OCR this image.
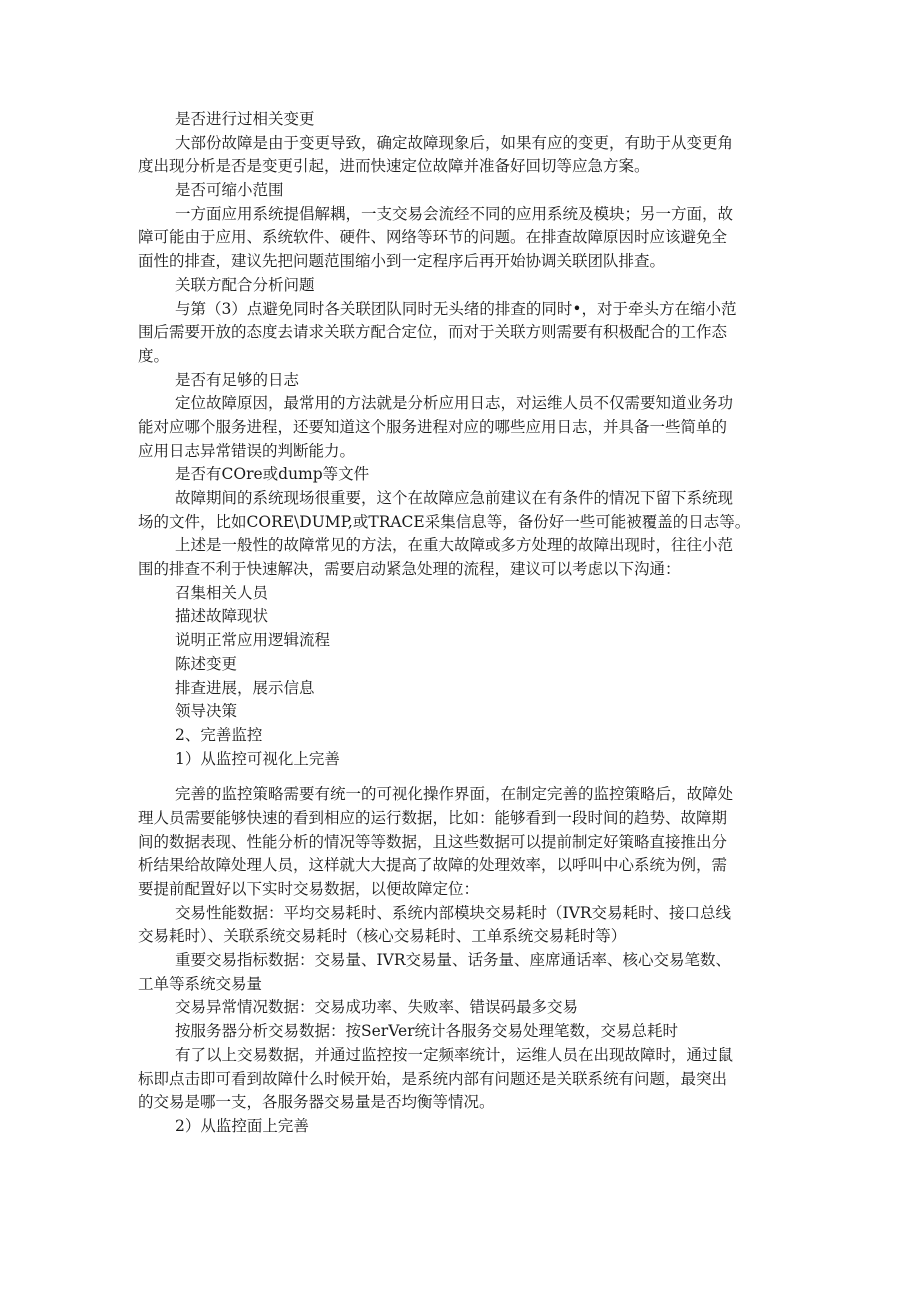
是否进行过相关变更
大部份故障是由于变更导致，确定故障现象后，如果有应的变更，有助于从变更角
度出现分析是否是变更引起，进而快速定位故障并准备好回切等应急方案。
是否可缩小范围
一方面应用系统提倡解耦，一支交易会流经不同的应用系统及模块；另一方面，故
障可能由于应用、系统软件、硬件、网络等环节的问题。在排查故障原因时应该避免全
面性的排查，建议先把问题范围缩小到一定程序后再开始协调关联团队排查。
关联方配合分析问题
与第（3）点避免同时各关联团队同时无头绪的排查的同时•，对于牵头方在缩小范
围后需要开放的态度去请求关联方配合定位，而对于关联方则需要有积极配合的工作态
度。
是否有足够的日志
定位故障原因，最常用的方法就是分析应用日志，对运维人员不仅需要知道业务功
能对应哪个服务进程，还要知道这个服务进程对应的哪些应用日志，并具备一些简单的
应用日志异常错误的判断能力。
是否有COre或dump等文件
故障期间的系统现场很重要，这个在故障应急前建议在有条件的情况下留下系统现
场的文件，比如CORE\DUMP,或TRACE采集信息等，备份好一些可能被覆盖的日志等。
上述是一般性的故障常见的方法，在重大故障或多方处理的故障出现时，往往小范
围的排查不利于快速解决，需要启动紧急处理的流程，建议可以考虑以下沟通：
召集相关人员
描述故障现状
说明正常应用逻辑流程
陈述变更
排查进展，展示信息
领导决策
2、完善监控
1）从监控可视化上完善
完善的监控策略需要有统一的可视化操作界面，在制定完善的监控策略后，故障处
理人员需要能够快速的看到相应的运行数据，比如：能够看到一段时间的趋势、故障期
间的数据表现、性能分析的情况等等数据，且这些数据可以提前制定好策略直接推出分
析结果给故障处理人员，这样就大大提高了故障的处理效率，以呼叫中心系统为例，需
要提前配置好以下实时交易数据，以便故障定位：
交易性能数据：平均交易耗时、系统内部模块交易耗时（IVR交易耗时、接口总线
交易耗时）、关联系统交易耗时（核心交易耗时、工单系统交易耗时等）
重要交易指标数据：交易量、IVR交易量、话务量、座席通话率、核心交易笔数、
工单等系统交易量
交易异常情况数据：交易成功率、失败率、错误码最多交易
按服务器分析交易数据：按SerVer统计各服务交易处理笔数，交易总耗时
有了以上交易数据，并通过监控按一定频率统计，运维人员在出现故障时，通过鼠
标即点击即可看到故障什么时候开始，是系统内部有问题还是关联系统有问题，最突出
的交易是哪一支，各服务器交易量是否均衡等情况。
2）从监控面上完善
